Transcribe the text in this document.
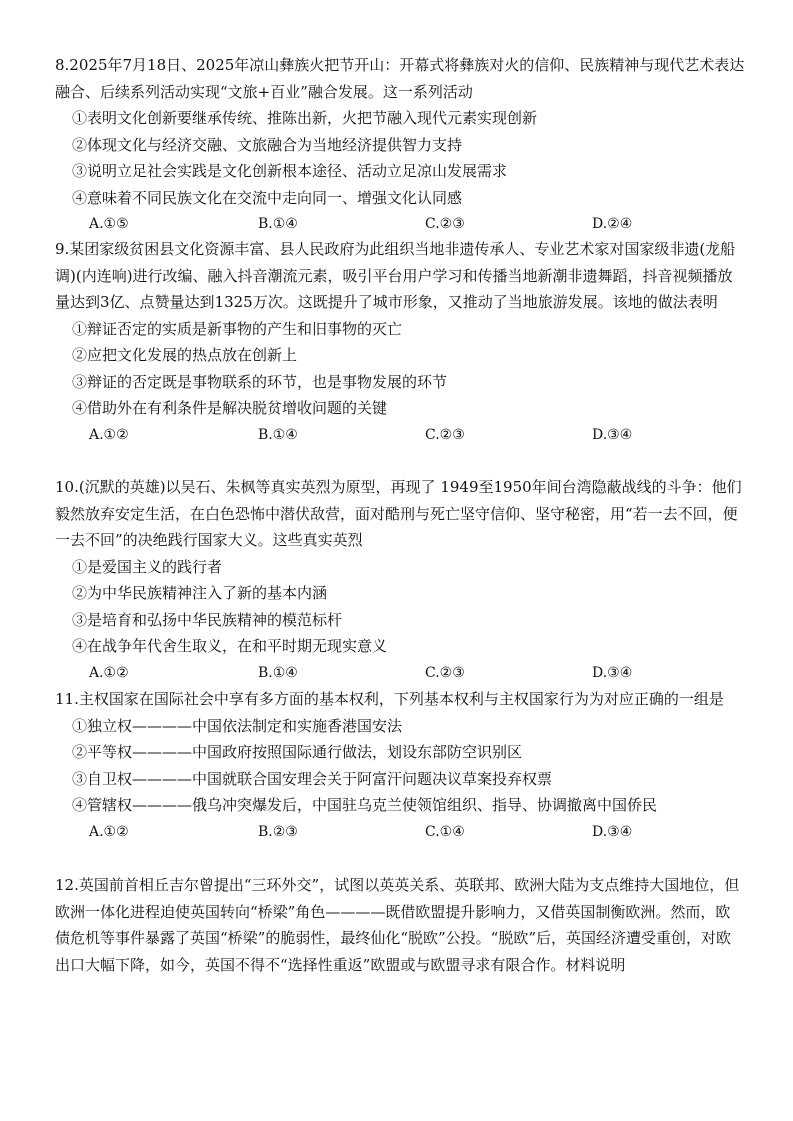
8.2025年7月18日、2025年凉山彝族火把节开山：开幕式将彝族对火的信仰、民族精神与现代艺术表达融合、后续系列活动实现“文旅+百业”融合发展。这一系列活动

①表明文化创新要继承传统、推陈出新，火把节融入现代元素实现创新

②体现文化与经济交融、文旅融合为当地经济提供智力支持

③说明立足社会实践是文化创新根本途径、活动立足凉山发展需求

④意味着不同民族文化在交流中走向同一、增强文化认同感

A.①⑤	B.①④	C.②③	D.②④

9.某团家级贫困县文化资源丰富、县人民政府为此组织当地非遗传承人、专业艺术家对国家级非遗(龙船调)(内连响)进行改编、融入抖音潮流元素，吸引平台用户学习和传播当地新潮非遗舞蹈，抖音视频播放量达到3亿、点赞量达到1325万次。这既提升了城市形象，又推动了当地旅游发展。该地的做法表明

①辩证否定的实质是新事物的产生和旧事物的灭亡

②应把文化发展的热点放在创新上

③辩证的否定既是事物联系的环节，也是事物发展的环节

④借助外在有利条件是解决脱贫增收问题的关键

A.①②	B.①④	C.②③	D.③④

10.(沉默的英雄)以吴石、朱枫等真实英烈为原型，再现了 1949至1950年间台湾隐蔽战线的斗争：他们毅然放弃安定生活，在白色恐怖中潜伏敌营，面对酷刑与死亡坚守信仰、坚守秘密，用“若一去不回，便一去不回”的决绝践行国家大义。这些真实英烈

①是爱国主义的践行者

②为中华民族精神注入了新的基本内涵

③是培育和弘扬中华民族精神的模范标杆

④在战争年代舍生取义，在和平时期无现实意义

A.①②	B.①④	C.②③	D.③④

11.主权国家在国际社会中享有多方面的基本权利，下列基本权利与主权国家行为为对应正确的一组是

①独立权————中国依法制定和实施香港国安法

②平等权————中国政府按照国际通行做法，划设东部防空识别区

③自卫权————中国就联合国安理会关于阿富汗问题决议草案投弃权票

④管辖权————俄乌冲突爆发后，中国驻乌克兰使领馆组织、指导、协调撤离中国侨民

A.①②	B.②③	C.①④	D.③④

12.英国前首相丘吉尔曾提出“三环外交”，试图以英英关系、英联邦、欧洲大陆为支点维持大国地位，但欧洲一体化进程迫使英国转向“桥梁”角色————既借欧盟提升影响力，又借英国制衡欧洲。然而，欧债危机等事件暴露了英国“桥梁”的脆弱性，最终仙化“脱欧”公投。“脱欧”后，英国经济遭受重创，对欧出口大幅下降，如今，英国不得不“选择性重返”欧盟或与欧盟寻求有限合作。材料说明
